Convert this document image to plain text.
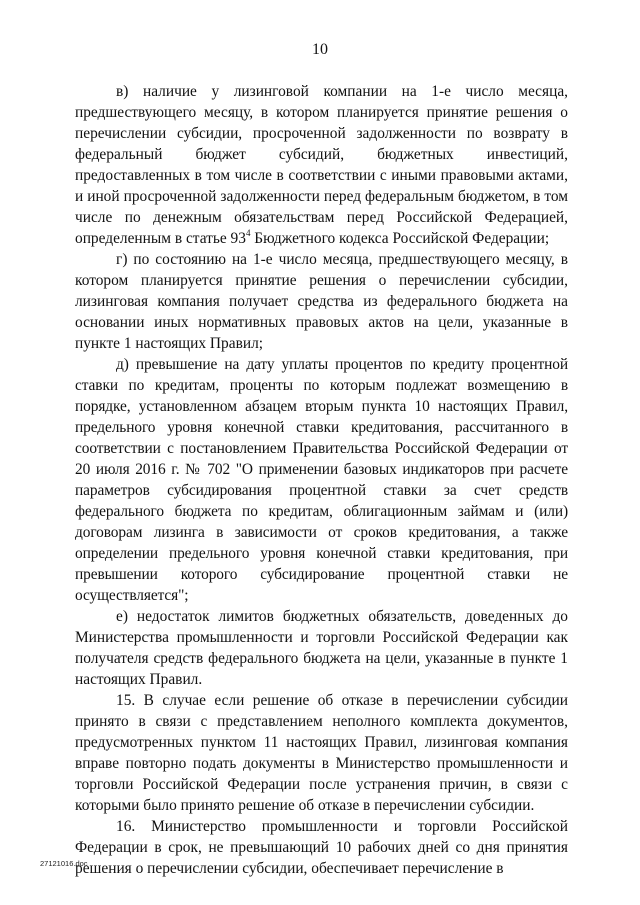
10

в) наличие у лизинговой компании на 1-е число месяца, предшествующего месяцу, в котором планируется принятие решения о перечислении субсидии, просроченной задолженности по возврату в федеральный бюджет субсидий, бюджетных инвестиций, предоставленных в том числе в соответствии с иными правовыми актами, и иной просроченной задолженности перед федеральным бюджетом, в том числе по денежным обязательствам перед Российской Федерацией, определенным в статье $93^4$ Бюджетного кодекса Российской Федерации;

г) по состоянию на 1-е число месяца, предшествующего месяцу, в котором планируется принятие решения о перечислении субсидии, лизинговая компания получает средства из федерального бюджета на основании иных нормативных правовых актов на цели, указанные в пункте 1 настоящих Правил;

д) превышение на дату уплаты процентов по кредиту процентной ставки по кредитам, проценты по которым подлежат возмещению в порядке, установленном абзацем вторым пункта 10 настоящих Правил, предельного уровня конечной ставки кредитования, рассчитанного в соответствии с постановлением Правительства Российской Федерации от 20 июля 2016 г. № 702 "О применении базовых индикаторов при расчете параметров субсидирования процентной ставки за счет средств федерального бюджета по кредитам, облигационным займам и (или) договорам лизинга в зависимости от сроков кредитования, а также определении предельного уровня конечной ставки кредитования, при превышении которого субсидирование процентной ставки не осуществляется";

е) недостаток лимитов бюджетных обязательств, доведенных до Министерства промышленности и торговли Российской Федерации как получателя средств федерального бюджета на цели, указанные в пункте 1 настоящих Правил.

15. В случае если решение об отказе в перечислении субсидии принято в связи с представлением неполного комплекта документов, предусмотренных пунктом 11 настоящих Правил, лизинговая компания вправе повторно подать документы в Министерство промышленности и торговли Российской Федерации после устранения причин, в связи с которыми было принято решение об отказе в перечислении субсидии.

16. Министерство промышленности и торговли Российской Федерации в срок, не превышающий 10 рабочих дней со дня принятия решения о перечислении субсидии, обеспечивает перечисление в

27121016.doc
